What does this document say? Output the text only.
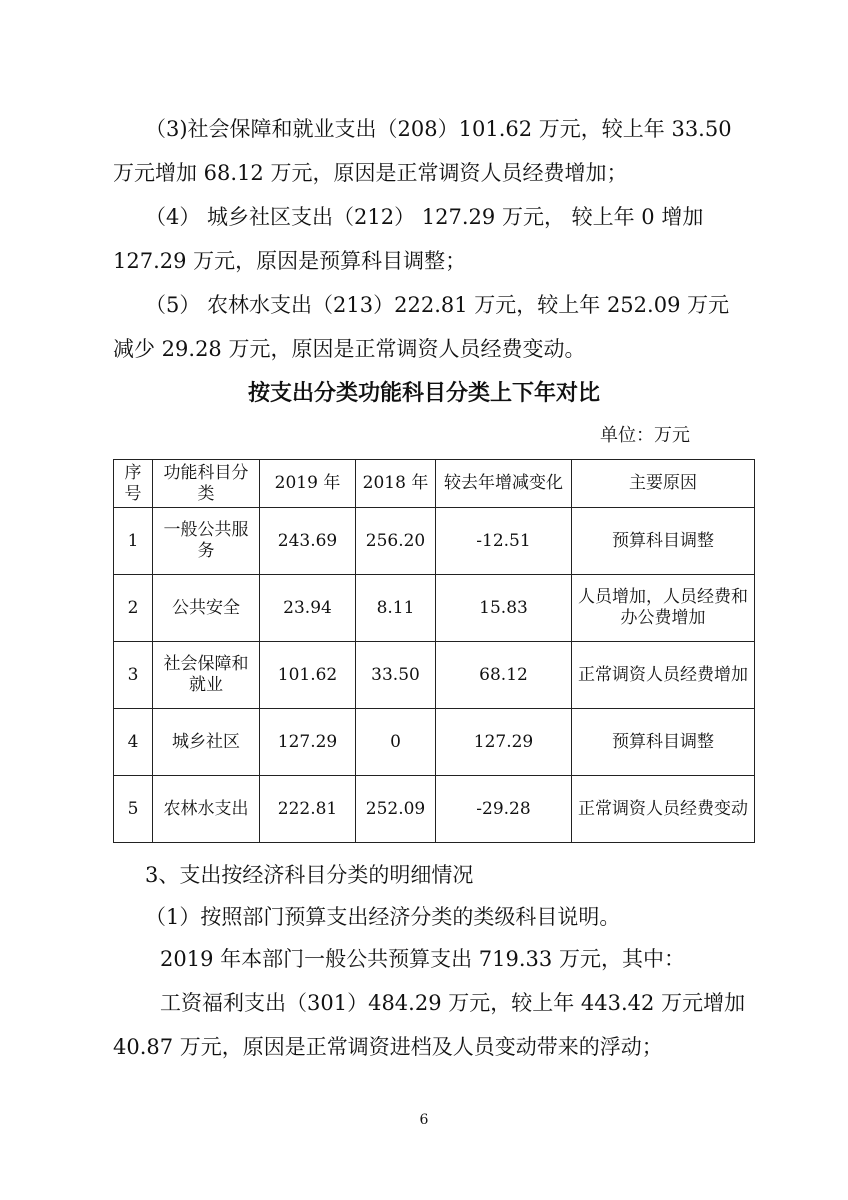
（3)社会保障和就业支出（208）101.62 万元，较上年 33.50
万元增加 68.12 万元，原因是正常调资人员经费增加；
（4） 城乡社区支出（212） 127.29 万元， 较上年 0 增加
127.29 万元，原因是预算科目调整；
（5） 农林水支出（213）222.81 万元，较上年 252.09 万元
减少 29.28 万元，原因是正常调资人员经费变动。
按支出分类功能科目分类上下年对比
单位：万元
序号	功能科目分类	2019 年	2018 年	较去年增减变化	主要原因
1	一般公共服务	243.69	256.20	-12.51	预算科目调整
2	公共安全	23.94	8.11	15.83	人员增加，人员经费和办公费增加
3	社会保障和就业	101.62	33.50	68.12	正常调资人员经费增加
4	城乡社区	127.29	0	127.29	预算科目调整
5	农林水支出	222.81	252.09	-29.28	正常调资人员经费变动
3、支出按经济科目分类的明细情况
（1）按照部门预算支出经济分类的类级科目说明。
2019 年本部门一般公共预算支出 719.33 万元，其中：
工资福利支出（301）484.29 万元，较上年 443.42 万元增加
40.87 万元，原因是正常调资进档及人员变动带来的浮动；
6
